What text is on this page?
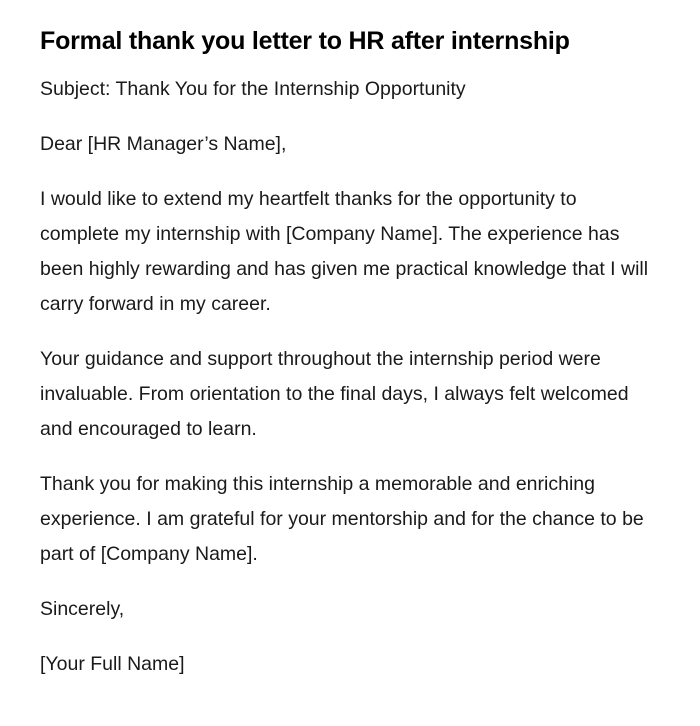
Formal thank you letter to HR after internship

Subject: Thank You for the Internship Opportunity

Dear [HR Manager’s Name],

I would like to extend my heartfelt thanks for the opportunity to complete my internship with [Company Name]. The experience has been highly rewarding and has given me practical knowledge that I will carry forward in my career.

Your guidance and support throughout the internship period were invaluable. From orientation to the final days, I always felt welcomed and encouraged to learn.

Thank you for making this internship a memorable and enriching experience. I am grateful for your mentorship and for the chance to be part of [Company Name].

Sincerely,

[Your Full Name]
